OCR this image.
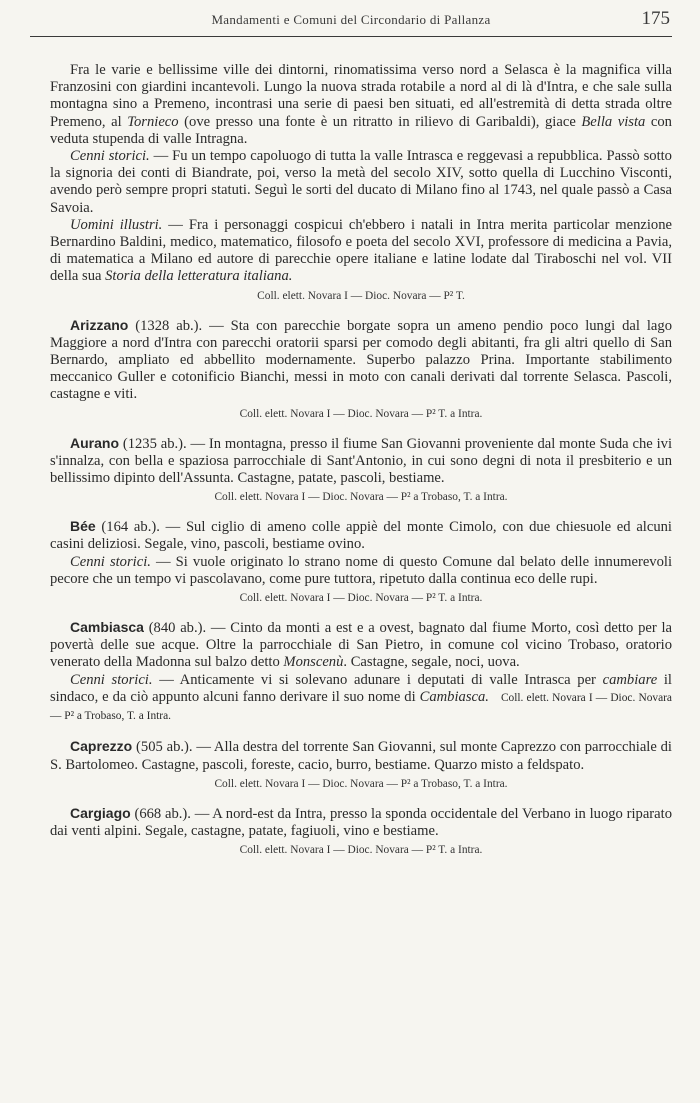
Mandamenti e Comuni del Circondario di Pallanza	175

Fra le varie e bellissime ville dei dintorni, rinomatissima verso nord a Selasca è la magnifica villa Franzosini con giardini incantevoli. Lungo la nuova strada rotabile a nord al di là d'Intra, e che sale sulla montagna sino a Premeno, incontrasi una serie di paesi ben situati, ed all'estremità di detta strada oltre Premeno, al Tornieco (ove presso una fonte è un ritratto in rilievo di Garibaldi), giace Bella vista con veduta stupenda di valle Intragna.

Cenni storici. — Fu un tempo capoluogo di tutta la valle Intrasca e reggevasi a repubblica. Passò sotto la signoria dei conti di Biandrate, poi, verso la metà del secolo XIV, sotto quella di Lucchino Visconti, avendo però sempre propri statuti. Seguì le sorti del ducato di Milano fino al 1743, nel quale passò a Casa Savoia.

Uomini illustri. — Fra i personaggi cospicui ch'ebbero i natali in Intra merita particolar menzione Bernardino Baldini, medico, matematico, filosofo e poeta del secolo XVI, professore di medicina a Pavia, di matematica a Milano ed autore di parecchie opere italiane e latine lodate dal Tiraboschi nel vol. VII della sua Storia della letteratura italiana.

Coll. elett. Novara I — Dioc. Novara — P² T.

Arizzano (1328 ab.). — Sta con parecchie borgate sopra un ameno pendio poco lungi dal lago Maggiore a nord d'Intra con parecchi oratorii sparsi per comodo degli abitanti, fra gli altri quello di San Bernardo, ampliato ed abbellito modernamente. Superbo palazzo Prina. Importante stabilimento meccanico Guller e cotonificio Bianchi, messi in moto con canali derivati dal torrente Selasca. Pascoli, castagne e viti.

Coll. elett. Novara I — Dioc. Novara — P² T. a Intra.

Aurano (1235 ab.). — In montagna, presso il fiume San Giovanni proveniente dal monte Suda che ivi s'innalza, con bella e spaziosa parrocchiale di Sant'Antonio, in cui sono degni di nota il presbiterio e un bellissimo dipinto dell'Assunta. Castagne, patate, pascoli, bestiame.

Coll. elett. Novara I — Dioc. Novara — P² a Trobaso, T. a Intra.

Bée (164 ab.). — Sul ciglio di ameno colle appiè del monte Cimolo, con due chiesuole ed alcuni casini deliziosi. Segale, vino, pascoli, bestiame ovino.

Cenni storici. — Si vuole originato lo strano nome di questo Comune dal belato delle innumerevoli pecore che un tempo vi pascolavano, come pure tuttora, ripetuto dalla continua eco delle rupi.

Coll. elett. Novara I — Dioc. Novara — P² T. a Intra.

Cambiasca (840 ab.). — Cinto da monti a est e a ovest, bagnato dal fiume Morto, così detto per la povertà delle sue acque. Oltre la parrocchiale di San Pietro, in comune col vicino Trobaso, oratorio venerato della Madonna sul balzo detto Monscenù. Castagne, segale, noci, uova.

Cenni storici. — Anticamente vi si solevano adunare i deputati di valle Intrasca per cambiare il sindaco, e da ciò appunto alcuni fanno derivare il suo nome di Cambiasca. Coll. elett. Novara I — Dioc. Novara — P² a Trobaso, T. a Intra.

Caprezzo (505 ab.). — Alla destra del torrente San Giovanni, sul monte Caprezzo con parrocchiale di S. Bartolomeo. Castagne, pascoli, foreste, cacio, burro, bestiame. Quarzo misto a feldspato.

Coll. elett. Novara I — Dioc. Novara — P² a Trobaso, T. a Intra.

Cargiago (668 ab.). — A nord-est da Intra, presso la sponda occidentale del Verbano in luogo riparato dai venti alpini. Segale, castagne, patate, fagiuoli, vino e bestiame.

Coll. elett. Novara I — Dioc. Novara — P² T. a Intra.
